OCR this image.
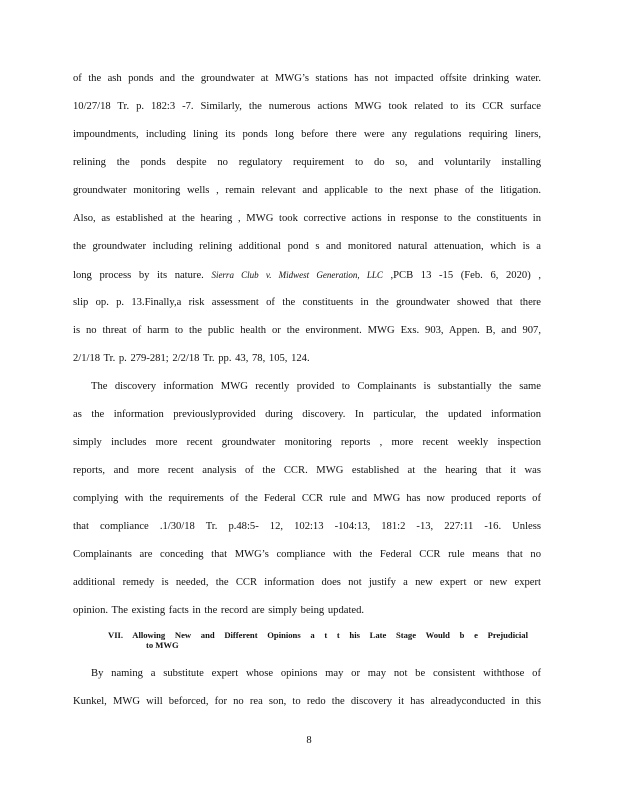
of the ash ponds and the groundwater at MWG’s stations has not impacted offsite drinking water.
10/27/18 Tr. p. 182:3 -7. Similarly, the numerous actions MWG took related to its CCR surface
impoundments, including lining its ponds long before there were any regulations requiring liners,
relining the ponds despite no regulatory requirement to do so, and voluntarily installing
groundwater monitoring wells , remain relevant and applicable to the next phase of the litigation.
Also, as established at the hearing , MWG took corrective actions in response to the constituents in
the groundwater including relining additional pond s and monitored natural attenuation, which is a
long process by its nature. Sierra Club v. Midwest Generation, LLC ,PCB 13 -15 (Feb. 6, 2020) ,
slip op. p. 13.Finally,a risk assessment of the constituents in the groundwater showed that there
is no threat of harm to the public health or the environment. MWG Exs. 903, Appen. B, and 907,
2/1/18 Tr. p. 279-281; 2/2/18 Tr. pp. 43, 78, 105, 124.
The discovery information MWG recently provided to Complainants is substantially the same
as the information previouslyprovided during discovery. In particular, the updated information
simply includes more recent groundwater monitoring reports , more recent weekly inspection
reports, and more recent analysis of the CCR. MWG established at the hearing that it was
complying with the requirements of the Federal CCR rule and MWG has now produced reports of
that compliance .1/30/18 Tr. p.48:5- 12, 102:13 -104:13, 181:2 -13, 227:11 -16. Unless
Complainants are conceding that MWG’s compliance with the Federal CCR rule means that no
additional remedy is needed, the CCR information does not justify a new expert or new expert
opinion. The existing facts in the record are simply being updated.
VII. Allowing New and Different Opinions a t t his Late Stage Would b e Prejudicial
to MWG
By naming a substitute expert whose opinions may or may not be consistent withthose of
Kunkel, MWG will beforced, for no rea son, to redo the discovery it has alreadyconducted in this
8
